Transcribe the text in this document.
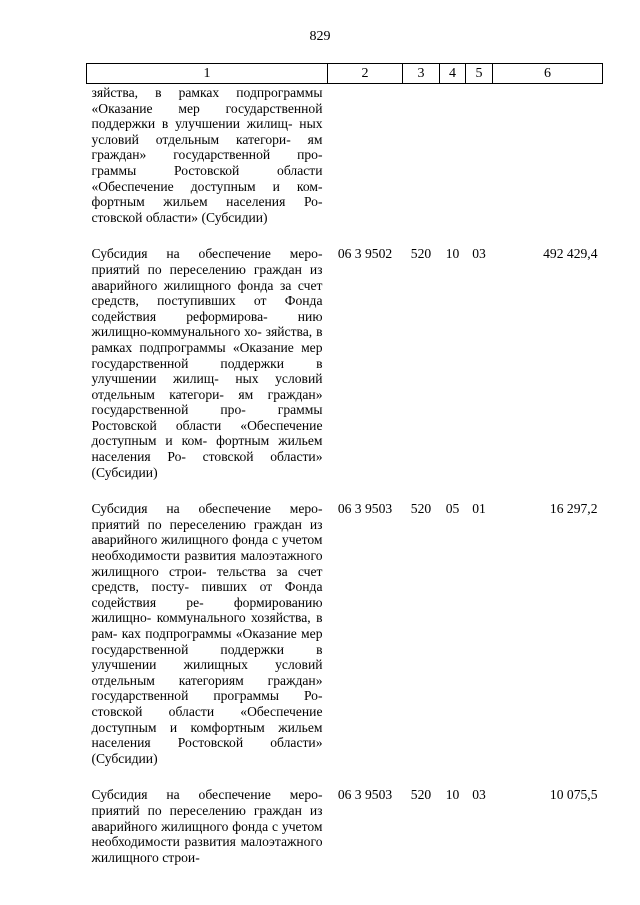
829
1	2	3	4	5	6
зяйства, в рамках подпрограммы «Оказание мер государственной поддержки в улучшении жилищ- ных условий отдельным категори- ям граждан» государственной про- граммы Ростовской области «Обеспечение доступным и ком- фортным жильем населения Ро- стовской области» (Субсидии)					
Субсидия на обеспечение меро- приятий по переселению граждан из аварийного жилищного фонда за счет средств, поступивших от Фонда содействия реформирова- нию жилищно-коммунального хо- зяйства, в рамках подпрограммы «Оказание мер государственной поддержки в улучшении жилищ- ных условий отдельным категори- ям граждан» государственной про- граммы Ростовской области «Обеспечение доступным и ком- фортным жильем населения Ро- стовской области» (Субсидии)	06 3 9502	520	10	03	492 429,4
Субсидия на обеспечение меро- приятий по переселению граждан из аварийного жилищного фонда с учетом необходимости развития малоэтажного жилищного строи- тельства за счет средств, посту- пивших от Фонда содействия ре- формированию жилищно- коммунального хозяйства, в рам- ках подпрограммы «Оказание мер государственной поддержки в улучшении жилищных условий отдельным категориям граждан» государственной программы Ро- стовской области «Обеспечение доступным и комфортным жильем населения Ростовской области» (Субсидии)	06 3 9503	520	05	01	16 297,2
Субсидия на обеспечение меро- приятий по переселению граждан из аварийного жилищного фонда с учетом необходимости развития малоэтажного жилищного строи-	06 3 9503	520	10	03	10 075,5
